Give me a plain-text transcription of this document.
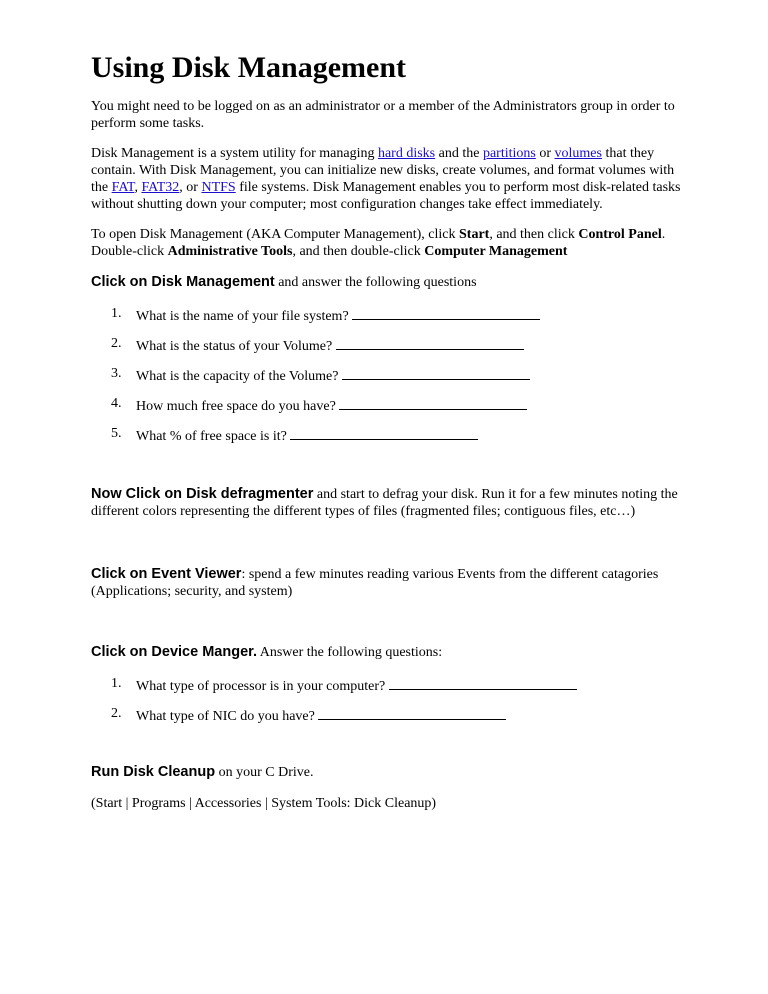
Using Disk Management

You might need to be logged on as an administrator or a member of the Administrators group in order to perform some tasks.

Disk Management is a system utility for managing hard disks and the partitions or volumes that they contain. With Disk Management, you can initialize new disks, create volumes, and format volumes with the FAT, FAT32, or NTFS file systems. Disk Management enables you to perform most disk-related tasks without shutting down your computer; most configuration changes take effect immediately.

To open Disk Management (AKA Computer Management), click Start, and then click Control Panel. Double-click Administrative Tools, and then double-click Computer Management

Click on Disk Management and answer the following questions

1. What is the name of your file system?
2. What is the status of your Volume?
3. What is the capacity of the Volume?
4. How much free space do you have?
5. What % of free space is it?

Now Click on Disk defragmenter and start to defrag your disk. Run it for a few minutes noting the different colors representing the different types of files (fragmented files; contiguous files, etc…)

Click on Event Viewer: spend a few minutes reading various Events from the different catagories (Applications; security, and system)

Click on Device Manger. Answer the following questions:

1. What type of processor is in your computer?
2. What type of NIC do you have?

Run Disk Cleanup on your C Drive.

(Start | Programs | Accessories | System Tools: Dick Cleanup)
